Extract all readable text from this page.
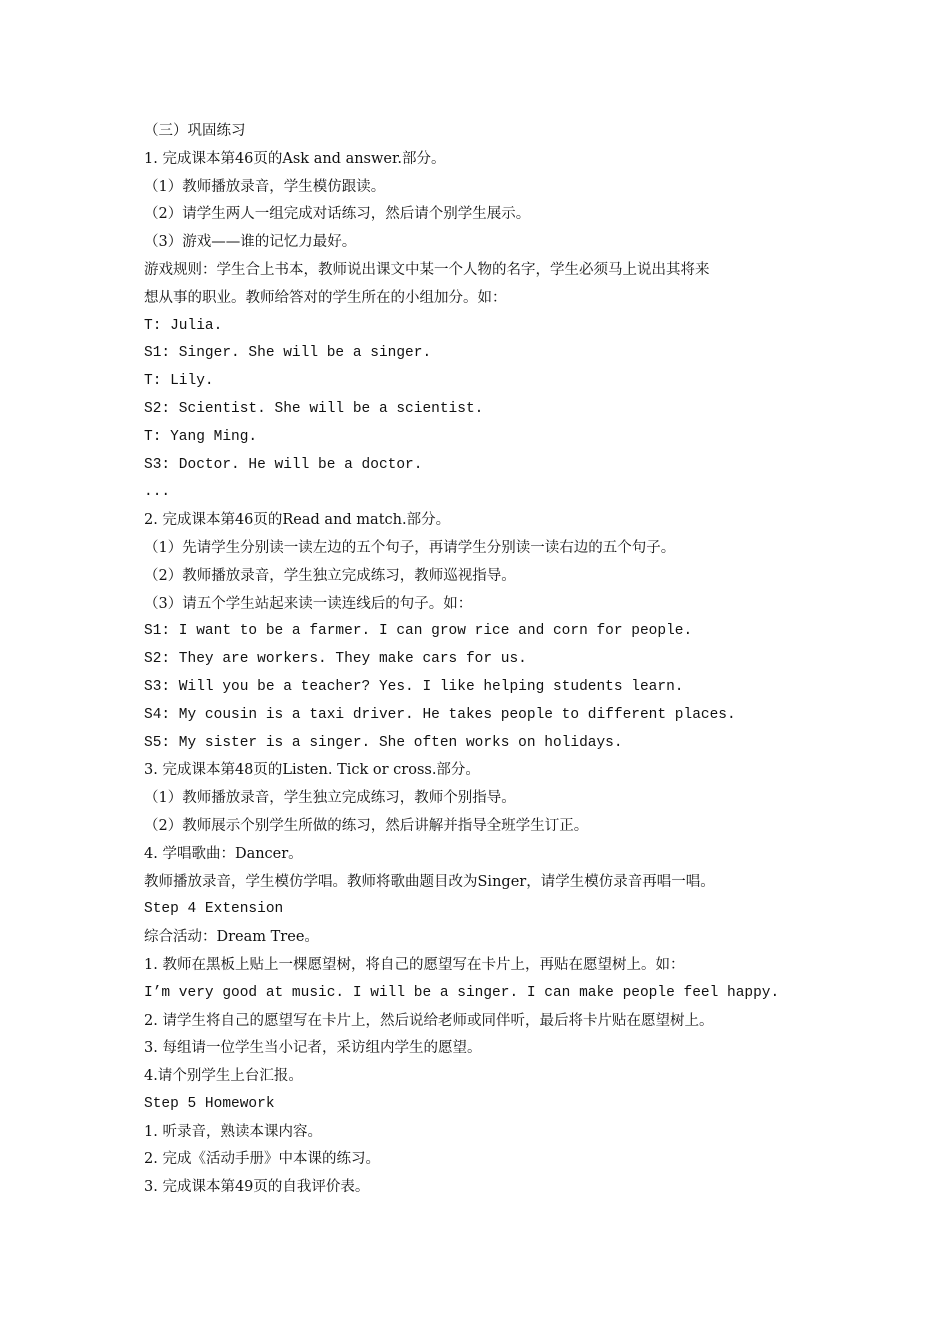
（三）巩固练习
1. 完成课本第46页的Ask and answer.部分。
（1）教师播放录音，学生模仿跟读。
（2）请学生两人一组完成对话练习，然后请个别学生展示。
（3）游戏——谁的记忆力最好。
游戏规则：学生合上书本，教师说出课文中某一个人物的名字，学生必须马上说出其将来
想从事的职业。教师给答对的学生所在的小组加分。如：
T: Julia.
S1: Singer. She will be a singer.
T: Lily.
S2: Scientist. She will be a scientist.
T: Yang Ming.
S3: Doctor. He will be a doctor.
...
2. 完成课本第46页的Read and match.部分。
（1）先请学生分别读一读左边的五个句子，再请学生分别读一读右边的五个句子。
（2）教师播放录音，学生独立完成练习，教师巡视指导。
（3）请五个学生站起来读一读连线后的句子。如：
S1: I want to be a farmer. I can grow rice and corn for people.
S2: They are workers. They make cars for us.
S3: Will you be a teacher? Yes. I like helping students learn.
S4: My cousin is a taxi driver. He takes people to different places.
S5: My sister is a singer. She often works on holidays.
3. 完成课本第48页的Listen. Tick or cross.部分。
（1）教师播放录音，学生独立完成练习，教师个别指导。
（2）教师展示个别学生所做的练习，然后讲解并指导全班学生订正。
4. 学唱歌曲：Dancer。
教师播放录音，学生模仿学唱。教师将歌曲题目改为Singer，请学生模仿录音再唱一唱。
Step 4 Extension
综合活动：Dream Tree。
1. 教师在黑板上贴上一棵愿望树，将自己的愿望写在卡片上，再贴在愿望树上。如：
I’m very good at music. I will be a singer. I can make people feel happy.
2. 请学生将自己的愿望写在卡片上，然后说给老师或同伴听，最后将卡片贴在愿望树上。
3. 每组请一位学生当小记者，采访组内学生的愿望。
4.请个别学生上台汇报。
Step 5 Homework
1. 听录音，熟读本课内容。
2. 完成《活动手册》中本课的练习。
3. 完成课本第49页的自我评价表。
